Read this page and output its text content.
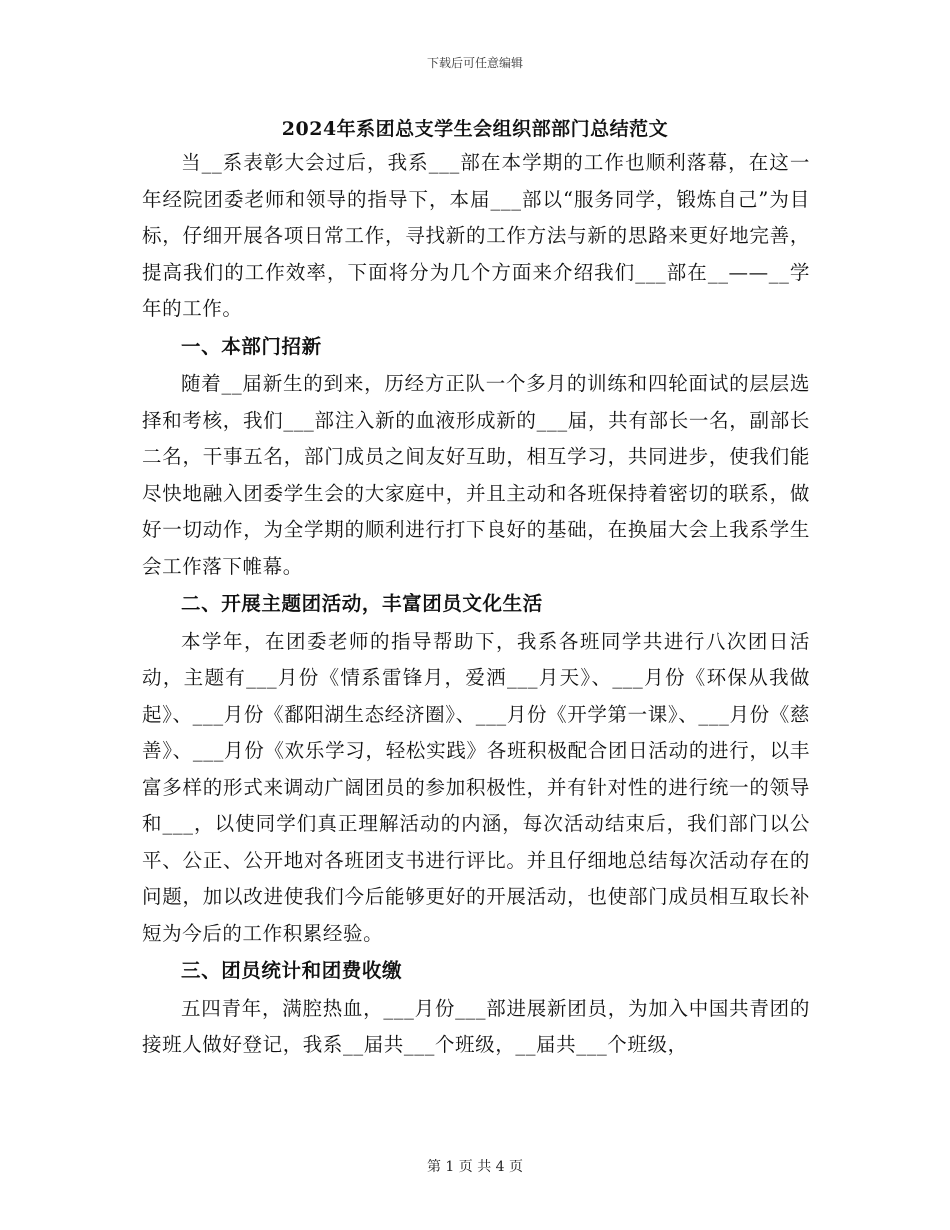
下载后可任意编辑
2024年系团总支学生会组织部部门总结范文

当__系表彰大会过后，我系___部在本学期的工作也顺利落幕，在这一年经院团委老师和领导的指导下，本届___部以“服务同学，锻炼自己”为目标，仔细开展各项日常工作，寻找新的工作方法与新的思路来更好地完善，提高我们的工作效率，下面将分为几个方面来介绍我们___部在__——__学年的工作。

一、本部门招新

随着__届新生的到来，历经方正队一个多月的训练和四轮面试的层层选择和考核，我们___部注入新的血液形成新的___届，共有部长一名，副部长二名，干事五名，部门成员之间友好互助，相互学习，共同进步，使我们能尽快地融入团委学生会的大家庭中，并且主动和各班保持着密切的联系，做好一切动作，为全学期的顺利进行打下良好的基础，在换届大会上我系学生会工作落下帷幕。

二、开展主题团活动，丰富团员文化生活

本学年，在团委老师的指导帮助下，我系各班同学共进行八次团日活动，主题有___月份《情系雷锋月，爱洒___月天》、___月份《环保从我做起》、___月份《鄱阳湖生态经济圈》、___月份《开学第一课》、___月份《慈善》、___月份《欢乐学习，轻松实践》各班积极配合团日活动的进行，以丰富多样的形式来调动广阔团员的参加积极性，并有针对性的进行统一的领导和___，以使同学们真正理解活动的内涵，每次活动结束后，我们部门以公平、公正、公开地对各班团支书进行评比。并且仔细地总结每次活动存在的问题，加以改进使我们今后能够更好的开展活动，也使部门成员相互取长补短为今后的工作积累经验。

三、团员统计和团费收缴

五四青年，满腔热血，___月份___部进展新团员，为加入中国共青团的接班人做好登记，我系__届共___个班级，__届共___个班级，

第 1 页 共 4 页
